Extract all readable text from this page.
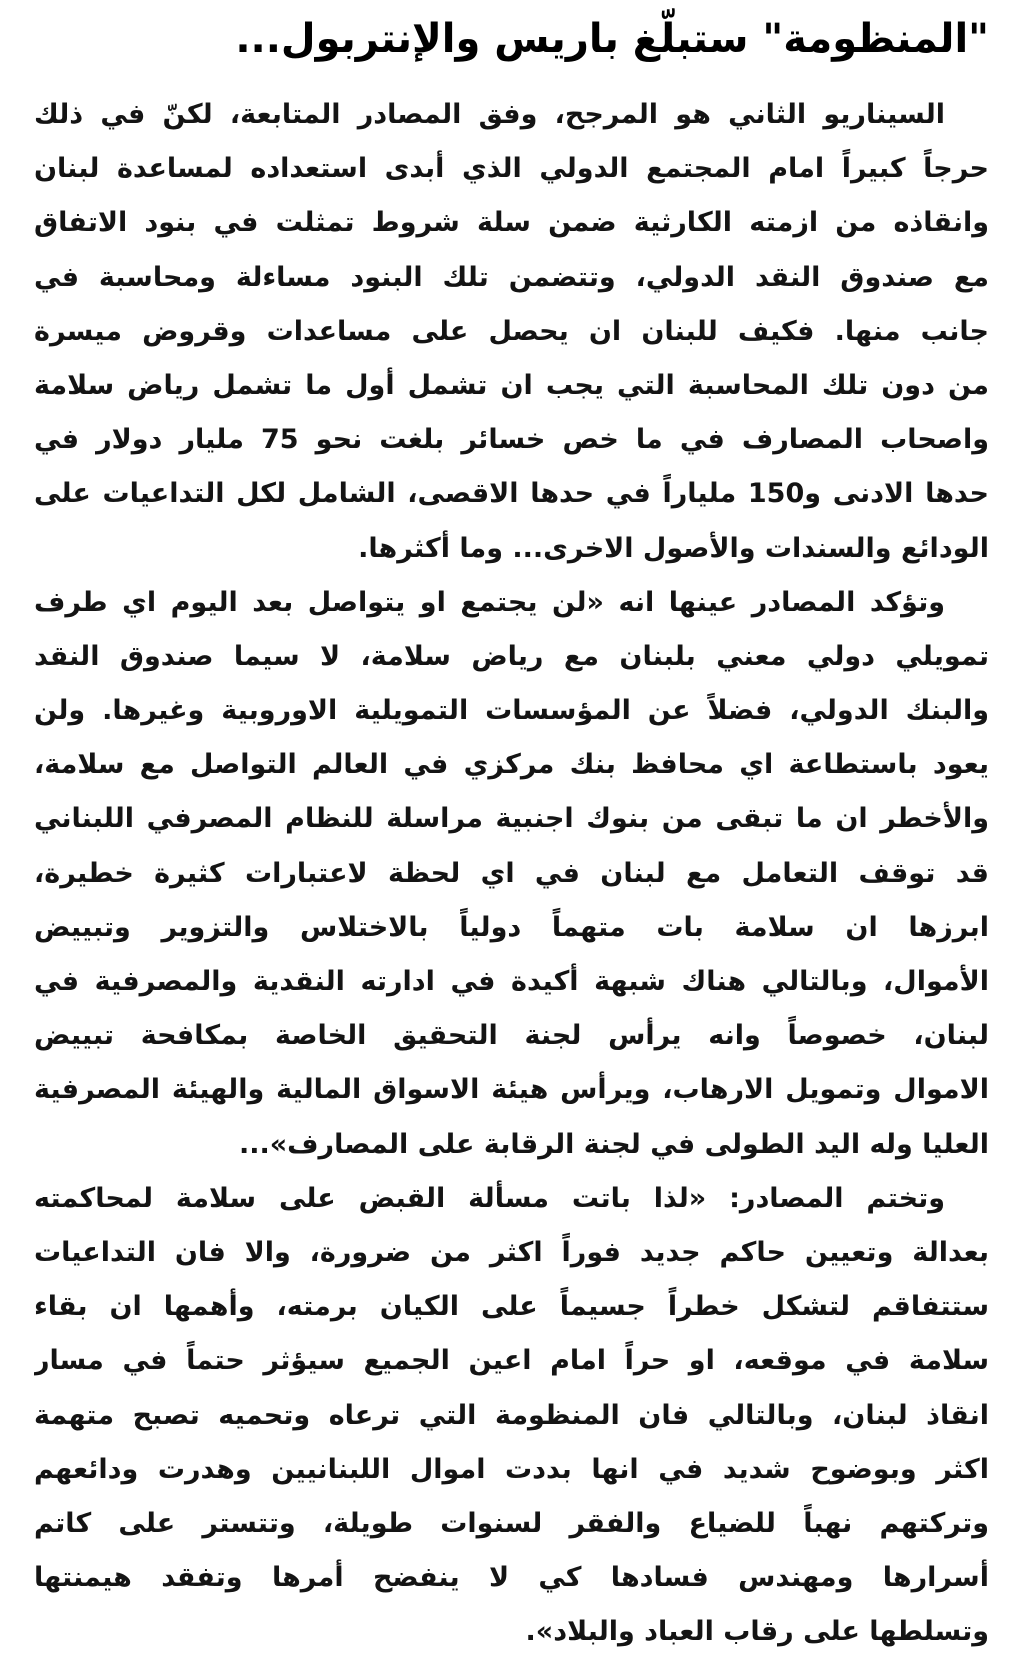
"المنظومة" ستبلّغ باريس والإنتربول...
السيناريو الثاني هو المرجح، وفق المصادر المتابعة، لكنّ في ذلك
حرجاً كبيراً امام المجتمع الدولي الذي أبدى استعداده لمساعدة لبنان
وانقاذه من ازمته الكارثية ضمن سلة شروط تمثلت في بنود الاتفاق
مع صندوق النقد الدولي، وتتضمن تلك البنود مساءلة ومحاسبة في
جانب منها. فكيف للبنان ان يحصل على مساعدات وقروض ميسرة
من دون تلك المحاسبة التي يجب ان تشمل أول ما تشمل رياض سلامة
واصحاب المصارف في ما خص خسائر بلغت نحو 75 مليار دولار في
حدها الادنى و150 ملياراً في حدها الاقصى، الشامل لكل التداعيات على
الودائع والسندات والأصول الاخرى... وما أكثرها.
وتؤكد المصادر عينها انه «لن يجتمع او يتواصل بعد اليوم اي طرف
تمويلي دولي معني بلبنان مع رياض سلامة، لا سيما صندوق النقد
والبنك الدولي، فضلاً عن المؤسسات التمويلية الاوروبية وغيرها. ولن
يعود باستطاعة اي محافظ بنك مركزي في العالم التواصل مع سلامة،
والأخطر ان ما تبقى من بنوك اجنبية مراسلة للنظام المصرفي اللبناني
قد توقف التعامل مع لبنان في اي لحظة لاعتبارات كثيرة خطيرة،
ابرزها ان سلامة بات متهماً دولياً بالاختلاس والتزوير وتبييض
الأموال، وبالتالي هناك شبهة أكيدة في ادارته النقدية والمصرفية في
لبنان، خصوصاً وانه يرأس لجنة التحقيق الخاصة بمكافحة تبييض
الاموال وتمويل الارهاب، ويرأس هيئة الاسواق المالية والهيئة المصرفية
العليا وله اليد الطولى في لجنة الرقابة على المصارف»...
وتختم المصادر: «لذا باتت مسألة القبض على سلامة لمحاكمته
بعدالة وتعيين حاكم جديد فوراً اكثر من ضرورة، والا فان التداعيات
ستتفاقم لتشكل خطراً جسيماً على الكيان برمته، وأهمها ان بقاء
سلامة في موقعه، او حراً امام اعين الجميع سيؤثر حتماً في مسار
انقاذ لبنان، وبالتالي فان المنظومة التي ترعاه وتحميه تصبح متهمة
اكثر وبوضوح شديد في انها بددت اموال اللبنانيين وهدرت ودائعهم
وتركتهم نهباً للضياع والفقر لسنوات طويلة، وتتستر على كاتم
أسرارها ومهندس فسادها كي لا ينفضح أمرها وتفقد هيمنتها
وتسلطها على رقاب العباد والبلاد».
